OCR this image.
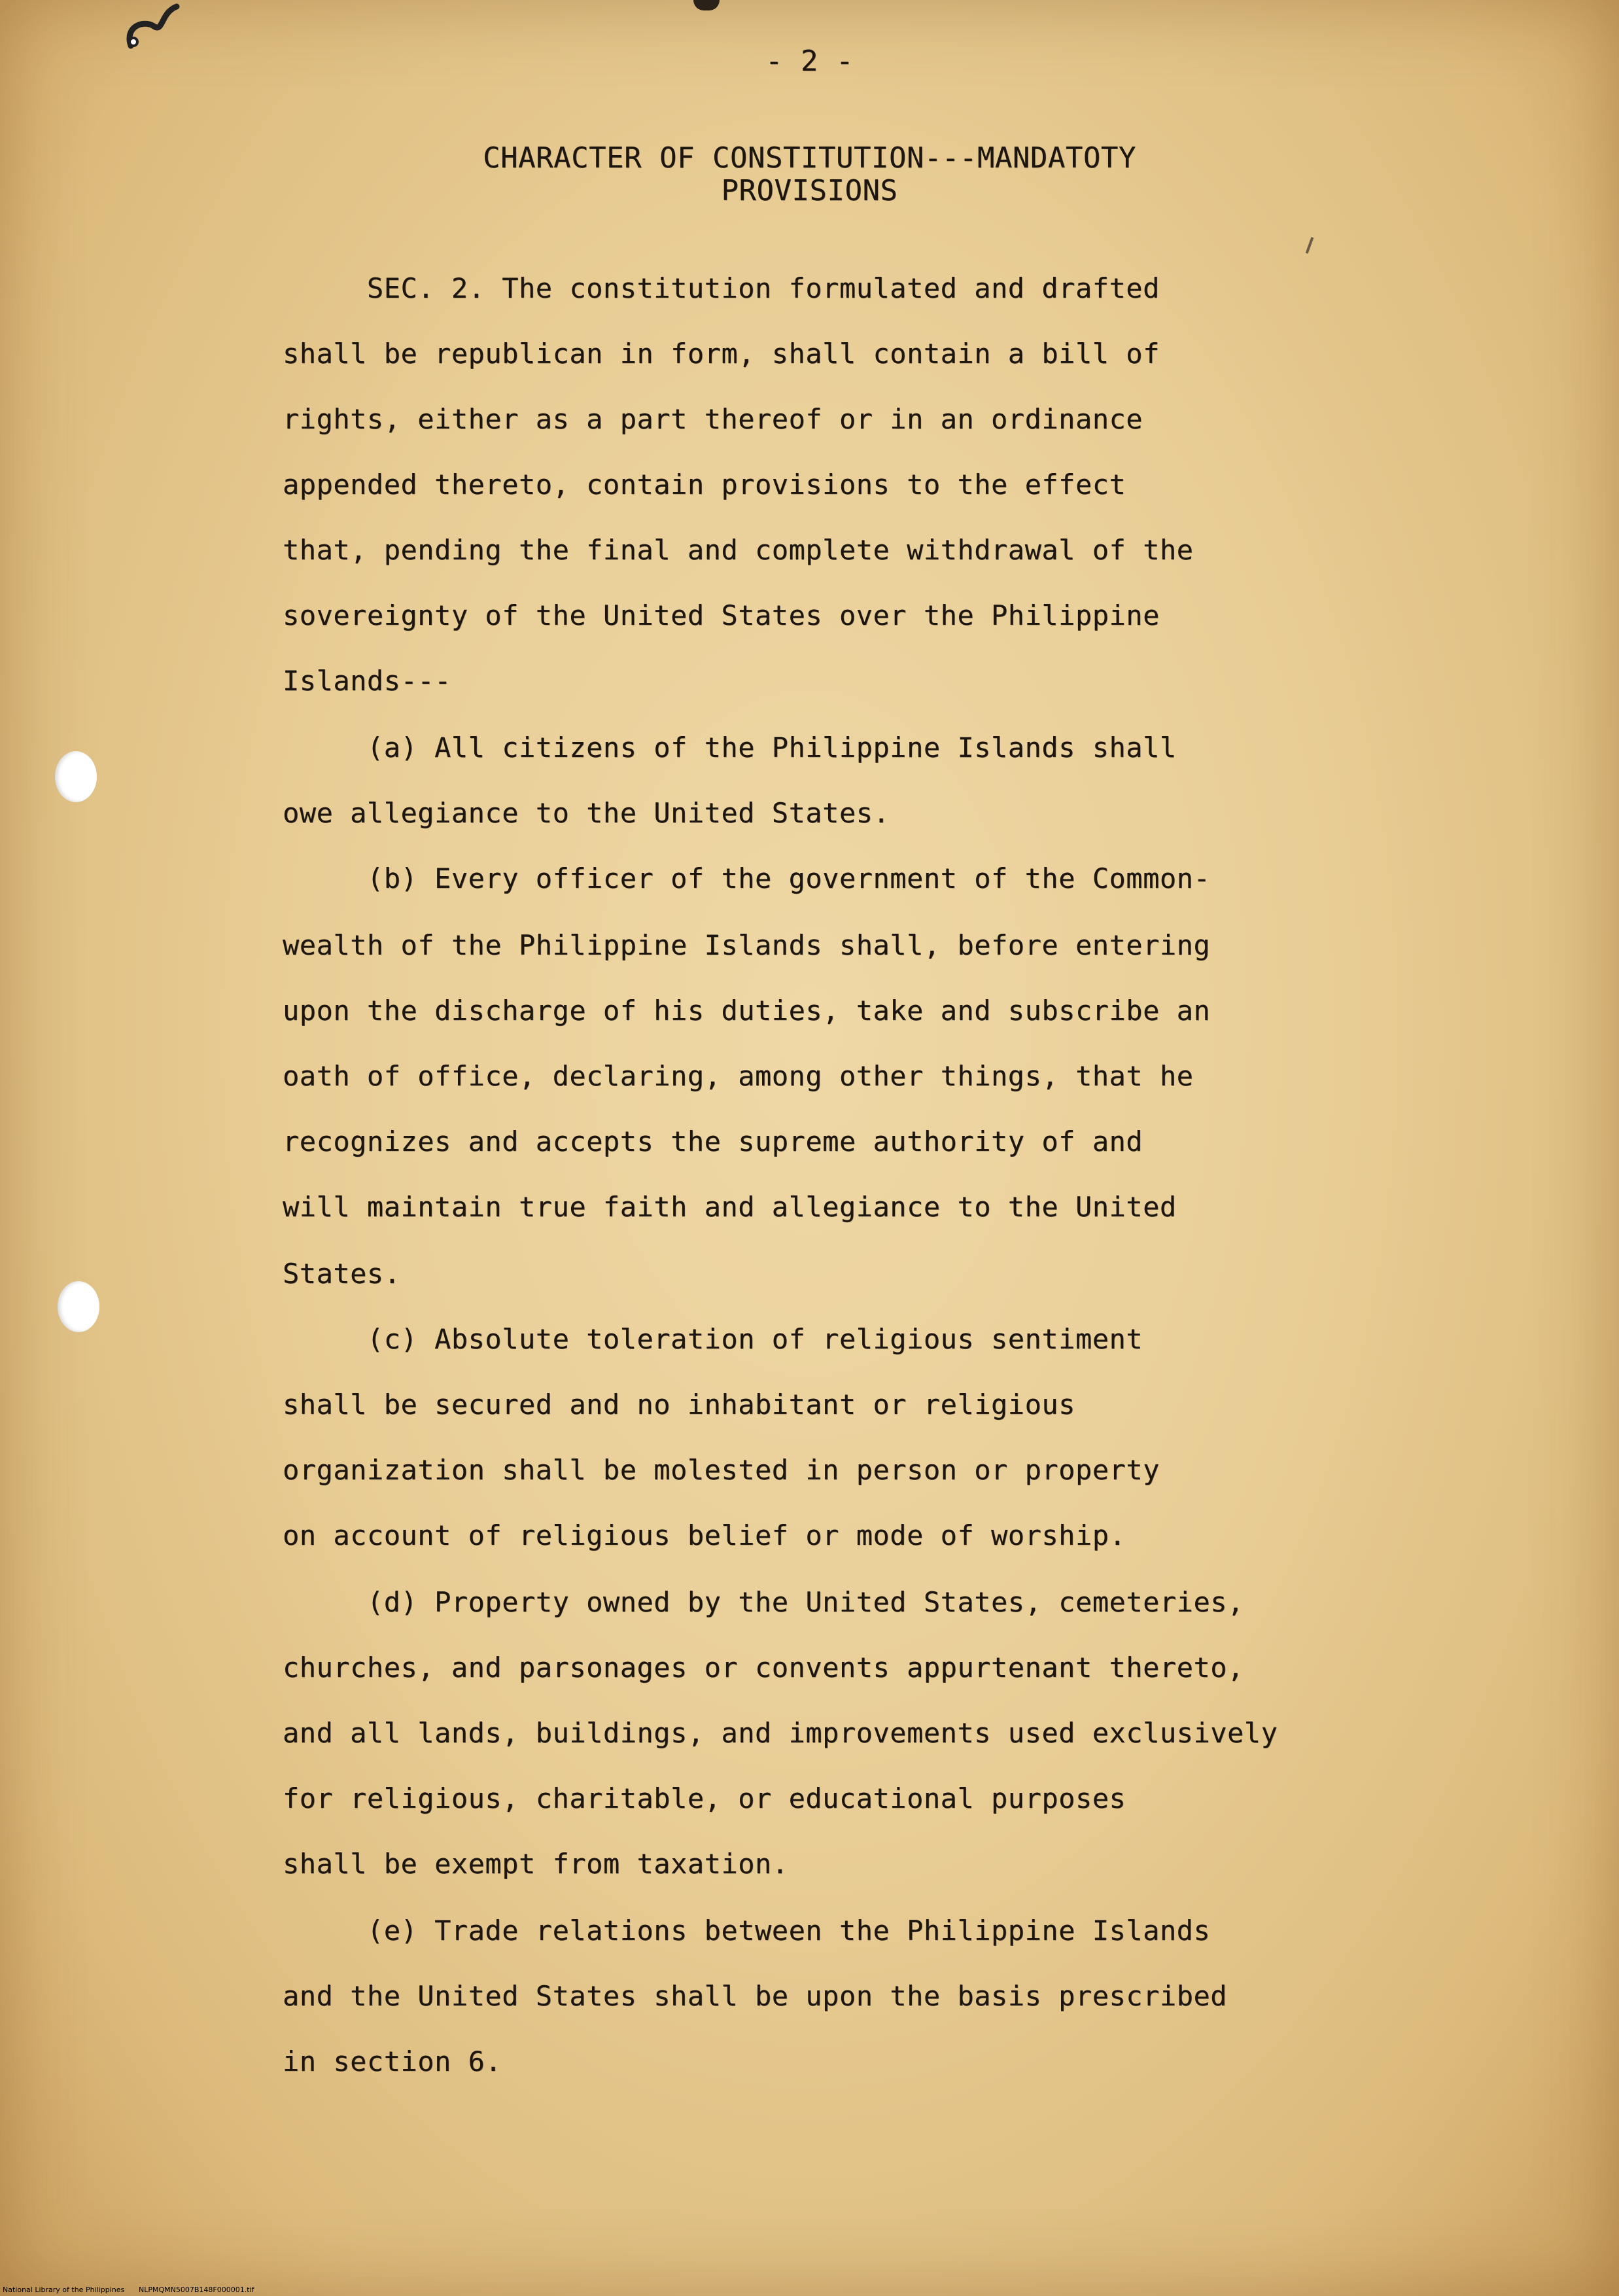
- 2 -
CHARACTER OF CONSTITUTION---MANDATOTY
PROVISIONS
SEC. 2. The constitution formulated and drafted
shall be republican in form, shall contain a bill of
rights, either as a part thereof or in an ordinance
appended thereto, contain provisions to the effect
that, pending the final and complete withdrawal of the
sovereignty of the United States over the Philippine
Islands---
(a) All citizens of the Philippine Islands shall
owe allegiance to the United States.
(b) Every officer of the government of the Common-
wealth of the Philippine Islands shall, before entering
upon the discharge of his duties, take and subscribe an
oath of office, declaring, among other things, that he
recognizes and accepts the supreme authority of and
will maintain true faith and allegiance to the United
States.
(c) Absolute toleration of religious sentiment
shall be secured and no inhabitant or religious
organization shall be molested in person or property
on account of religious belief or mode of worship.
(d) Property owned by the United States, cemeteries,
churches, and parsonages or convents appurtenant thereto,
and all lands, buildings, and improvements used exclusively
for religious, charitable, or educational purposes
shall be exempt from taxation.
(e) Trade relations between the Philippine Islands
and the United States shall be upon the basis prescribed
in section 6.
National Library of the Philippines NLPMQMN5007B148F000001.tif
